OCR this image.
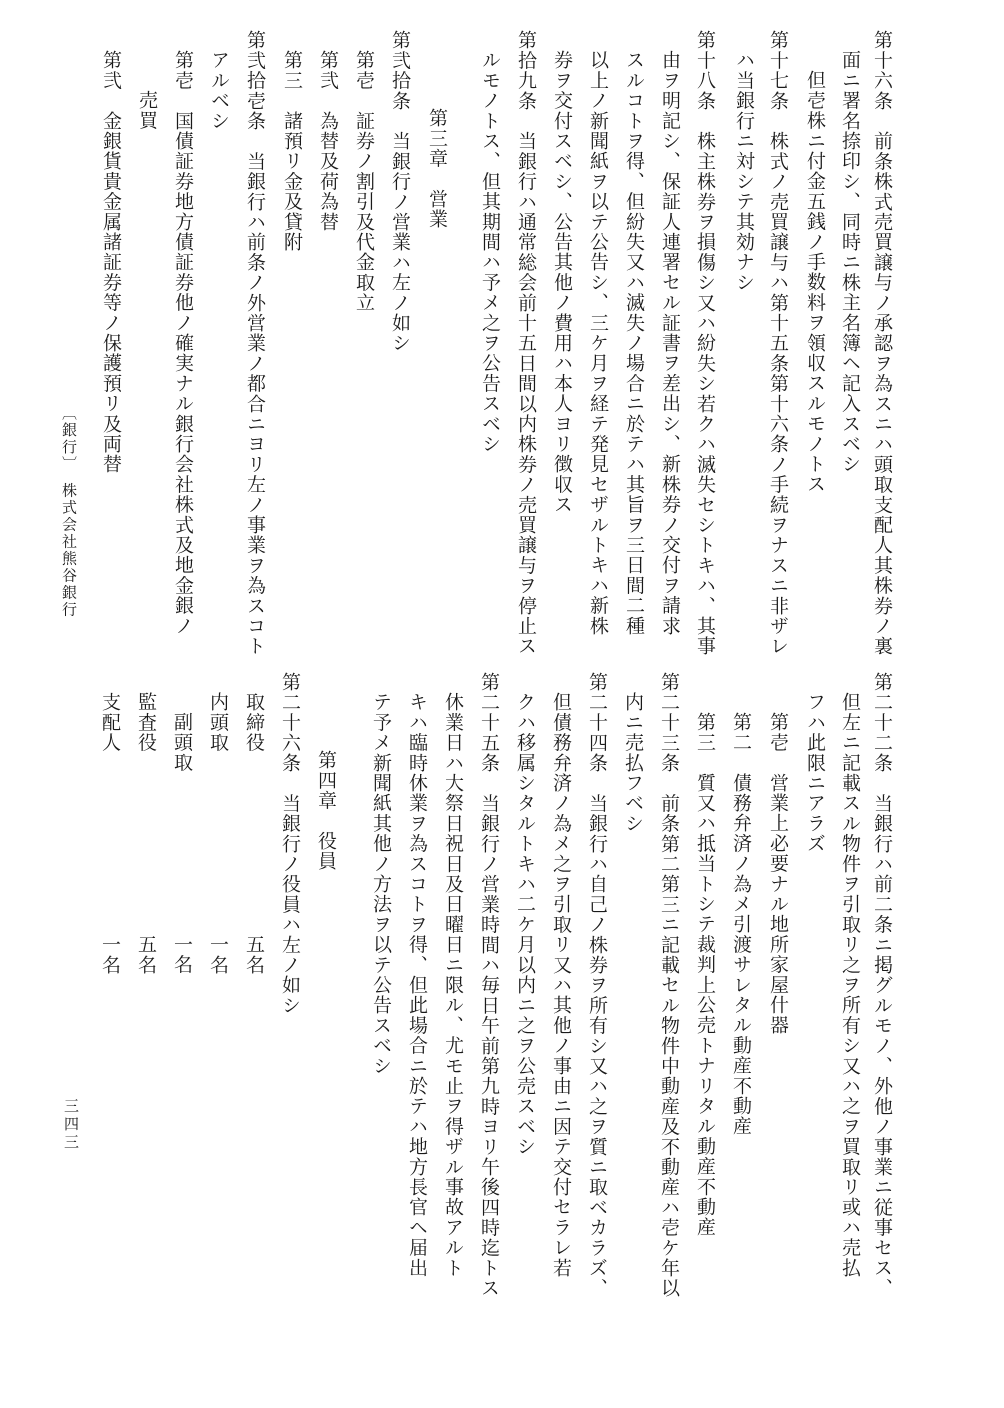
第十六条　前条株式売買譲与ノ承認ヲ為スニハ頭取支配人其株券ノ裏
面ニ署名捺印シ、同時ニ株主名簿ヘ記入スベシ
但壱株ニ付金五銭ノ手数料ヲ領収スルモノトス
第十七条　株式ノ売買譲与ハ第十五条第十六条ノ手続ヲナスニ非ザレ
ハ当銀行ニ対シテ其効ナシ
第十八条　株主株券ヲ損傷シ又ハ紛失シ若クハ滅失セシトキハ、其事
由ヲ明記シ、保証人連署セル証書ヲ差出シ、新株券ノ交付ヲ請求
スルコトヲ得、但紛失又ハ滅失ノ場合ニ於テハ其旨ヲ三日間二種
以上ノ新聞紙ヲ以テ公告シ、三ケ月ヲ経テ発見セザルトキハ新株
券ヲ交付スベシ、公告其他ノ費用ハ本人ヨリ徴収ス
第拾九条　当銀行ハ通常総会前十五日間以内株券ノ売買譲与ヲ停止ス
ルモノトス、但其期間ハ予メ之ヲ公告スベシ
第三章　営業
第弐拾条　当銀行ノ営業ハ左ノ如シ
第壱　証券ノ割引及代金取立
第弐　為替及荷為替
第三　諸預リ金及貸附
第弐拾壱条　当銀行ハ前条ノ外営業ノ都合ニヨリ左ノ事業ヲ為スコト
アルベシ
第壱　国債証券地方債証券他ノ確実ナル銀行会社株式及地金銀ノ
売買
第弐　金銀貨貴金属諸証券等ノ保護預リ及両替
第二十二条　当銀行ハ前二条ニ掲グルモノ、外他ノ事業ニ従事セス、
但左ニ記載スル物件ヲ引取リ之ヲ所有シ又ハ之ヲ買取リ或ハ売払
フハ此限ニアラズ
第壱　営業上必要ナル地所家屋什器
第二　債務弁済ノ為メ引渡サレタル動産不動産
第三　質又ハ抵当トシテ裁判上公売トナリタル動産不動産
第二十三条　前条第二第三ニ記載セル物件中動産及不動産ハ壱ケ年以
内ニ売払フベシ
第二十四条　当銀行ハ自己ノ株券ヲ所有シ又ハ之ヲ質ニ取ベカラズ、
但債務弁済ノ為メ之ヲ引取リ又ハ其他ノ事由ニ因テ交付セラレ若
クハ移属シタルトキハ二ケ月以内ニ之ヲ公売スベシ
第二十五条　当銀行ノ営業時間ハ毎日午前第九時ヨリ午後四時迄トス
休業日ハ大祭日祝日及日曜日ニ限ル、尤モ止ヲ得ザル事故アルト
キハ臨時休業ヲ為スコトヲ得、但此場合ニ於テハ地方長官ヘ届出
テ予メ新聞紙其他ノ方法ヲ以テ公告スベシ
第四章　役員
第二十六条　当銀行ノ役員ハ左ノ如シ
取締役　　　　　　　　　五名
内頭取　　　　　　　　　一名
副頭取　　　　　　　　一名
監査役　　　　　　　　　五名
支配人　　　　　　　　　一名
〔銀行〕　株式会社熊谷銀行
三四三
